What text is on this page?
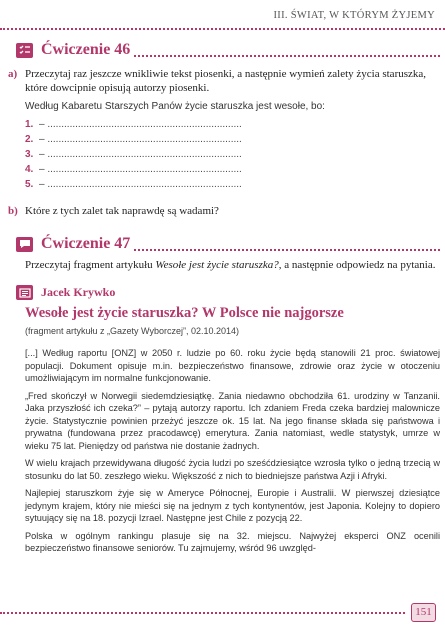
III. ŚWIAT, W KTÓRYM ŻYJEMY
Ćwiczenie 46
a) Przeczytaj raz jeszcze wnikliwie tekst piosenki, a następnie wymień zalety życia staruszka, które dowcipnie opisują autorzy piosenki.
Według Kabaretu Starszych Panów życie staruszka jest wesołe, bo:
1. – ......................................................................
2. – ......................................................................
3. – ......................................................................
4. – ......................................................................
5. – ......................................................................
b) Które z tych zalet tak naprawdę są wadami?
Ćwiczenie 47
Przeczytaj fragment artykułu Wesołe jest życie staruszka?, a następnie odpowiedz na pytania.
Jacek Krywko
Wesołe jest życie staruszka? W Polsce nie najgorsze
(fragment artykułu z „Gazety Wyborczej”, 02.10.2014)

[...] Według raportu [ONZ] w 2050 r. ludzie po 60. roku życie będą stanowili 21 proc. światowej populacji. Dokument opisuje m.in. bezpieczeństwo finansowe, zdrowie oraz życie w otoczeniu umożliwiającym im normalne funkcjonowanie.

„Fred skończył w Norwegii siedemdziesiątkę. Zania niedawno obchodziła 61. urodziny w Tanzanii. Jaka przyszłość ich czeka?” – pytają autorzy raportu. Ich zdaniem Freda czeka bardziej malownicze życie. Statystycznie powinien przeżyć jeszcze ok. 15 lat. Na jego finanse składa się państwowa i prywatna (fundowana przez pracodawcę) emerytura. Zania natomiast, wedle statystyk, umrze w wieku 75 lat. Pieniędzy od państwa nie dostanie żadnych.

W wielu krajach przewidywana długość życia ludzi po sześćdziesiątce wzrosła tylko o jedną trzecią w stosunku do lat 50. zeszłego wieku. Większość z nich to biedniejsze państwa Azji i Afryki.

Najlepiej staruszkom żyje się w Ameryce Północnej, Europie i Australii. W pierwszej dziesiątce jedynym krajem, który nie mieści się na jednym z tych kontynentów, jest Japonia. Kolejny to dopiero sytuujący się na 18. pozycji Izrael. Następne jest Chile z pozycją 22.

Polska w ogólnym rankingu plasuje się na 32. miejscu. Najwyżej eksperci ONZ ocenili bezpieczeństwo finansowe seniorów. Tu zajmujemy, wśród 96 uwzględ-

151
